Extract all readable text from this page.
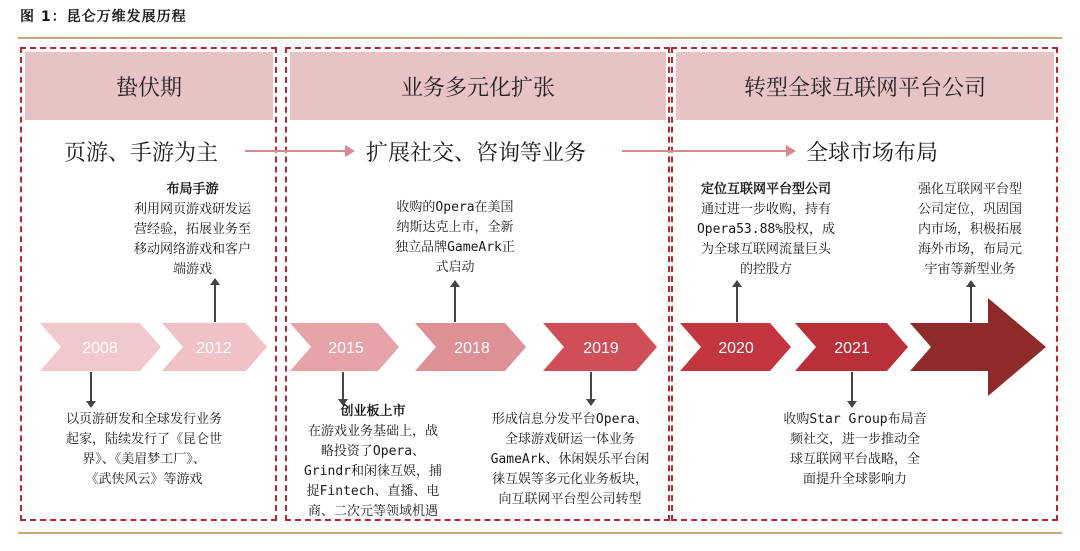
图 1：昆仑万维发展历程
蛰伏期	业务多元化扩张	转型全球互联网平台公司
页游、手游为主	扩展社交、咨询等业务	全球市场布局
2008	2012	2015	2018	2019	2020	2021
布局手游
利用网页游戏研发运
营经验，拓展业务至
移动网络游戏和客户
端游戏
收购的Opera在美国
纳斯达克上市，全新
独立品牌GameArk正
式启动
定位互联网平台型公司
通过进一步收购，持有
Opera53.88%股权，成
为全球互联网流量巨头
的控股方
强化互联网平台型
公司定位，巩固国
内市场，积极拓展
海外市场，布局元
宇宙等新型业务
以页游研发和全球发行业务
起家，陆续发行了《昆仑世
界》、《美眉梦工厂》、
《武侠风云》等游戏
创业板上市
在游戏业务基础上，战
略投资了Opera、
Grindr和闲徕互娱，捕
捉Fintech、直播、电
商、二次元等领域机遇
形成信息分发平台Opera、
全球游戏研运一体业务
GameArk、休闲娱乐平台闲
徕互娱等多元化业务板块，
向互联网平台型公司转型
收购Star Group布局音
频社交，进一步推动全
球互联网平台战略，全
面提升全球影响力
